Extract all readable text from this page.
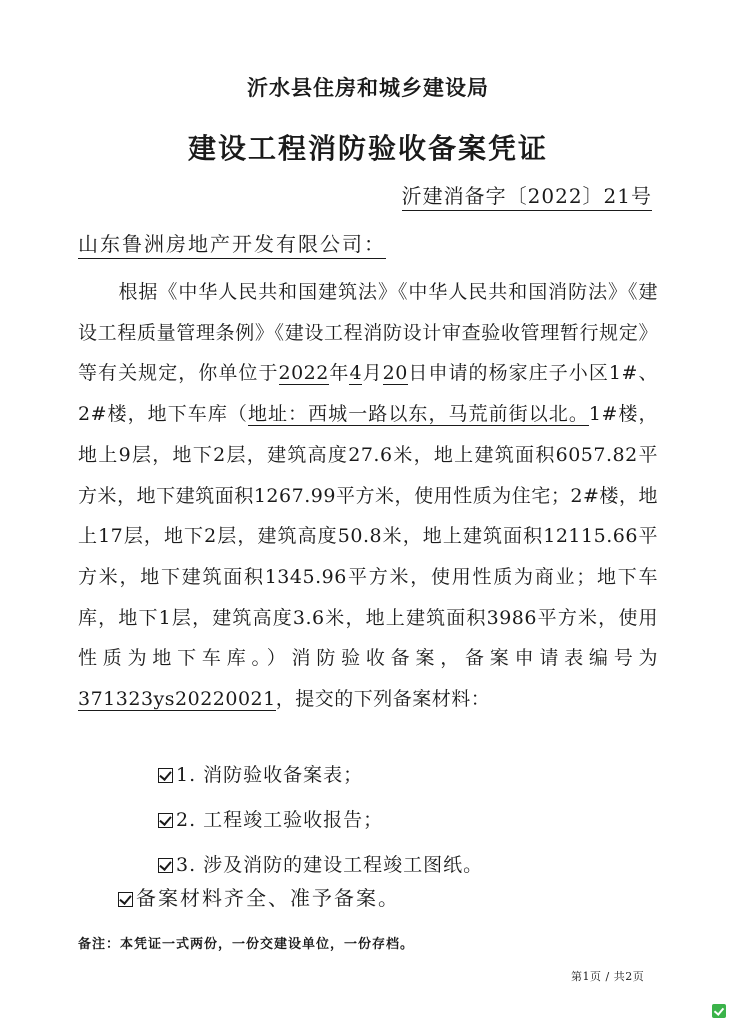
沂水县住房和城乡建设局
建设工程消防验收备案凭证
沂建消备字〔2022〕21号
山东鲁洲房地产开发有限公司：
根据《中华人民共和国建筑法》《中华人民共和国消防法》《建设工程质量管理条例》《建设工程消防设计审查验收管理暂行规定》等有关规定，你单位于2022年4月20日申请的杨家庄子小区1#、2#楼，地下车库（地址：西城一路以东，马荒前街以北。1#楼，地上9层，地下2层，建筑高度27.6米，地上建筑面积6057.82平方米，地下建筑面积1267.99平方米，使用性质为住宅；2#楼，地上17层，地下2层，建筑高度50.8米，地上建筑面积12115.66平方米，地下建筑面积1345.96平方米，使用性质为商业；地下车库，地下1层，建筑高度3.6米，地上建筑面积3986平方米，使用性质为地下车库。）消防验收备案，备案申请表编号为371323ys20220021，提交的下列备案材料：
1. 消防验收备案表；
2. 工程竣工验收报告；
3. 涉及消防的建设工程竣工图纸。
备案材料齐全、准予备案。
备注：本凭证一式两份，一份交建设单位，一份存档。
第1页 / 共2页
